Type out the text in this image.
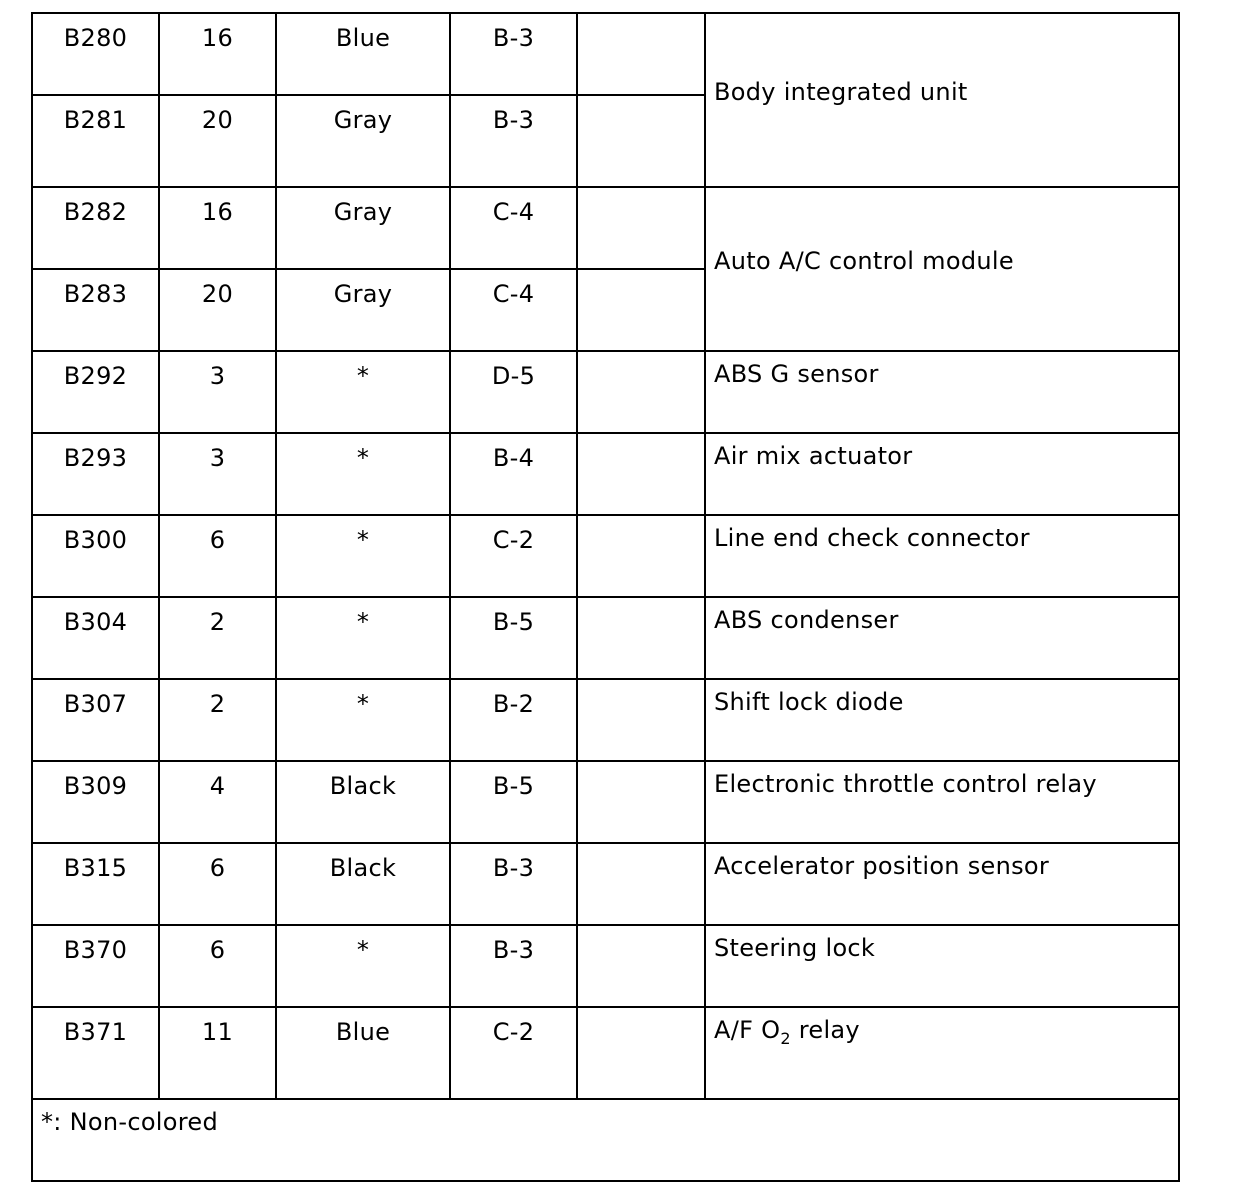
B280	16	Blue	B-3		Body integrated unit
B281	20	Gray	B-3		
B282	16	Gray	C-4		Auto A/C control module
B283	20	Gray	C-4		
B292	3	*	D-5		ABS G sensor
B293	3	*	B-4		Air mix actuator
B300	6	*	C-2		Line end check connector
B304	2	*	B-5		ABS condenser
B307	2	*	B-2		Shift lock diode
B309	4	Black	B-5		Electronic throttle control relay
B315	6	Black	B-3		Accelerator position sensor
B370	6	*	B-3		Steering lock
B371	11	Blue	C-2		A/F $O_2$ relay
*: Non-colored					
